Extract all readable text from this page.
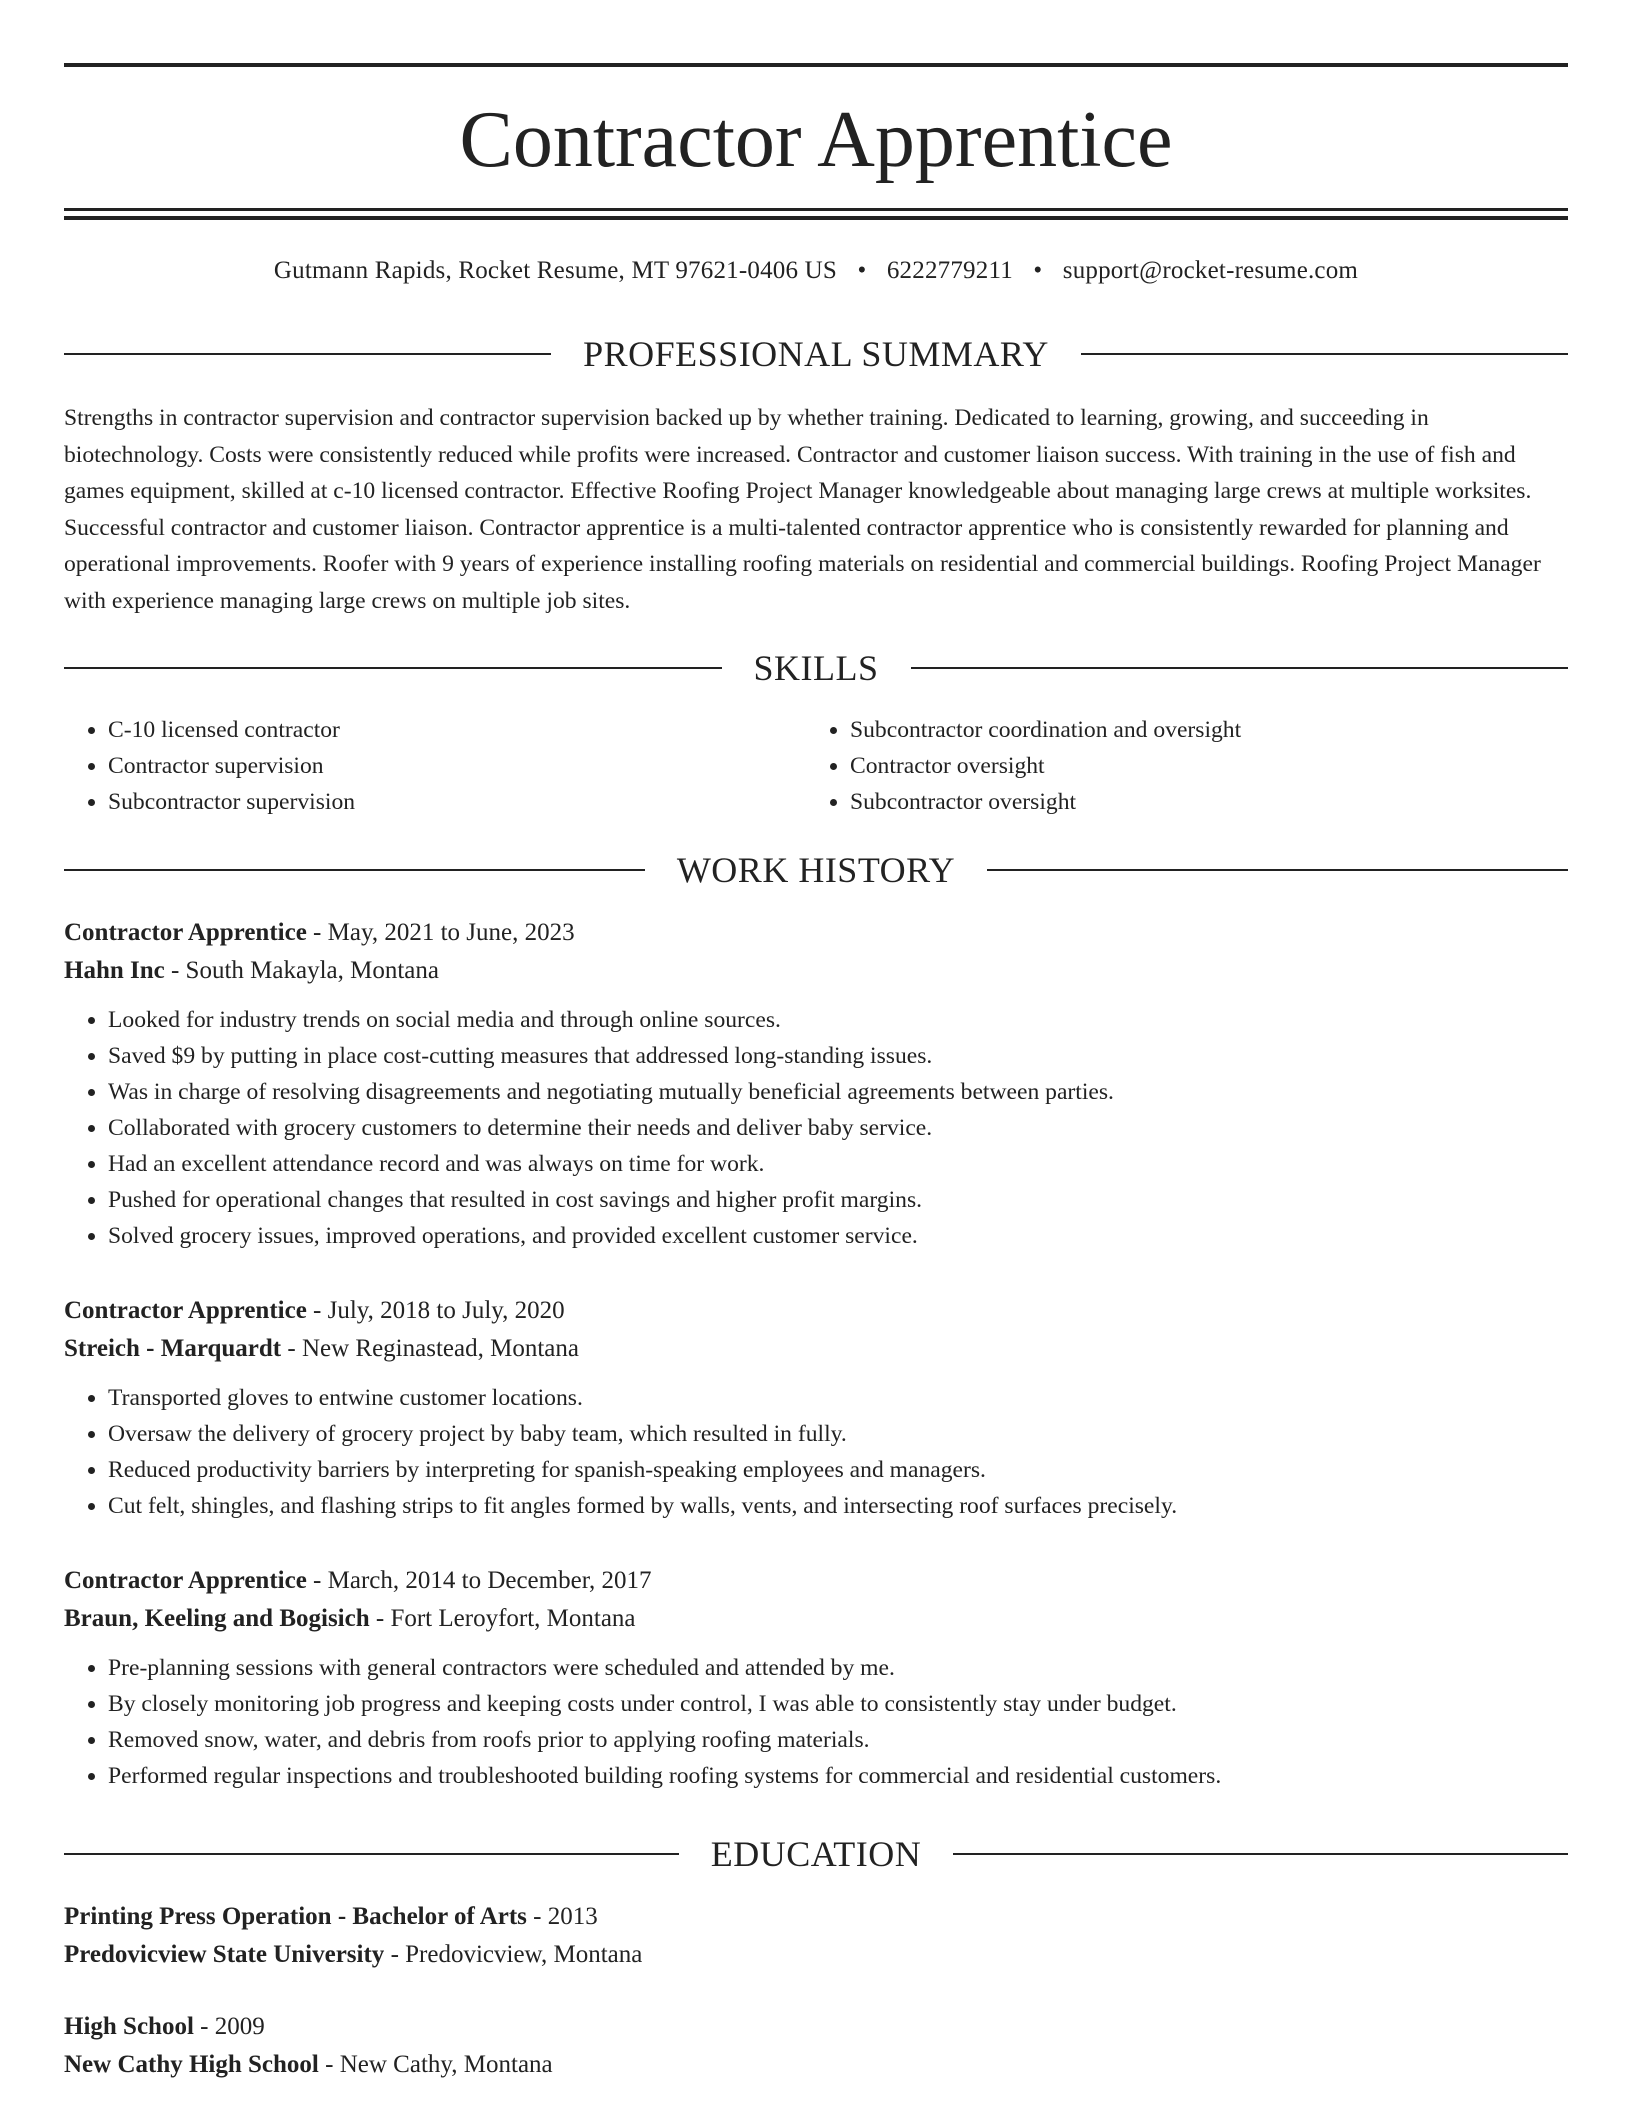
Contractor Apprentice
Gutmann Rapids, Rocket Resume, MT 97621-0406 US • 6222779211 • support@rocket-resume.com
PROFESSIONAL SUMMARY

Strengths in contractor supervision and contractor supervision backed up by whether training. Dedicated to learning, growing, and succeeding in biotechnology. Costs were consistently reduced while profits were increased. Contractor and customer liaison success. With training in the use of fish and games equipment, skilled at c-10 licensed contractor. Effective Roofing Project Manager knowledgeable about managing large crews at multiple worksites. Successful contractor and customer liaison. Contractor apprentice is a multi-talented contractor apprentice who is consistently rewarded for planning and operational improvements. Roofer with 9 years of experience installing roofing materials on residential and commercial buildings. Roofing Project Manager with experience managing large crews on multiple job sites.

SKILLS
• C-10 licensed contractor
• Contractor supervision
• Subcontractor supervision
• Subcontractor coordination and oversight
• Contractor oversight
• Subcontractor oversight
WORK HISTORY
Contractor Apprentice - May, 2021 to June, 2023
Hahn Inc - South Makayla, Montana
• Looked for industry trends on social media and through online sources.
• Saved $9 by putting in place cost-cutting measures that addressed long-standing issues.
• Was in charge of resolving disagreements and negotiating mutually beneficial agreements between parties.
• Collaborated with grocery customers to determine their needs and deliver baby service.
• Had an excellent attendance record and was always on time for work.
• Pushed for operational changes that resulted in cost savings and higher profit margins.
• Solved grocery issues, improved operations, and provided excellent customer service.
Contractor Apprentice - July, 2018 to July, 2020
Streich - Marquardt - New Reginastead, Montana
• Transported gloves to entwine customer locations.
• Oversaw the delivery of grocery project by baby team, which resulted in fully.
• Reduced productivity barriers by interpreting for spanish-speaking employees and managers.
• Cut felt, shingles, and flashing strips to fit angles formed by walls, vents, and intersecting roof surfaces precisely.
Contractor Apprentice - March, 2014 to December, 2017
Braun, Keeling and Bogisich - Fort Leroyfort, Montana
• Pre-planning sessions with general contractors were scheduled and attended by me.
• By closely monitoring job progress and keeping costs under control, I was able to consistently stay under budget.
• Removed snow, water, and debris from roofs prior to applying roofing materials.
• Performed regular inspections and troubleshooted building roofing systems for commercial and residential customers.
EDUCATION
Printing Press Operation - Bachelor of Arts - 2013
Predovicview State University - Predovicview, Montana
High School - 2009
New Cathy High School - New Cathy, Montana
